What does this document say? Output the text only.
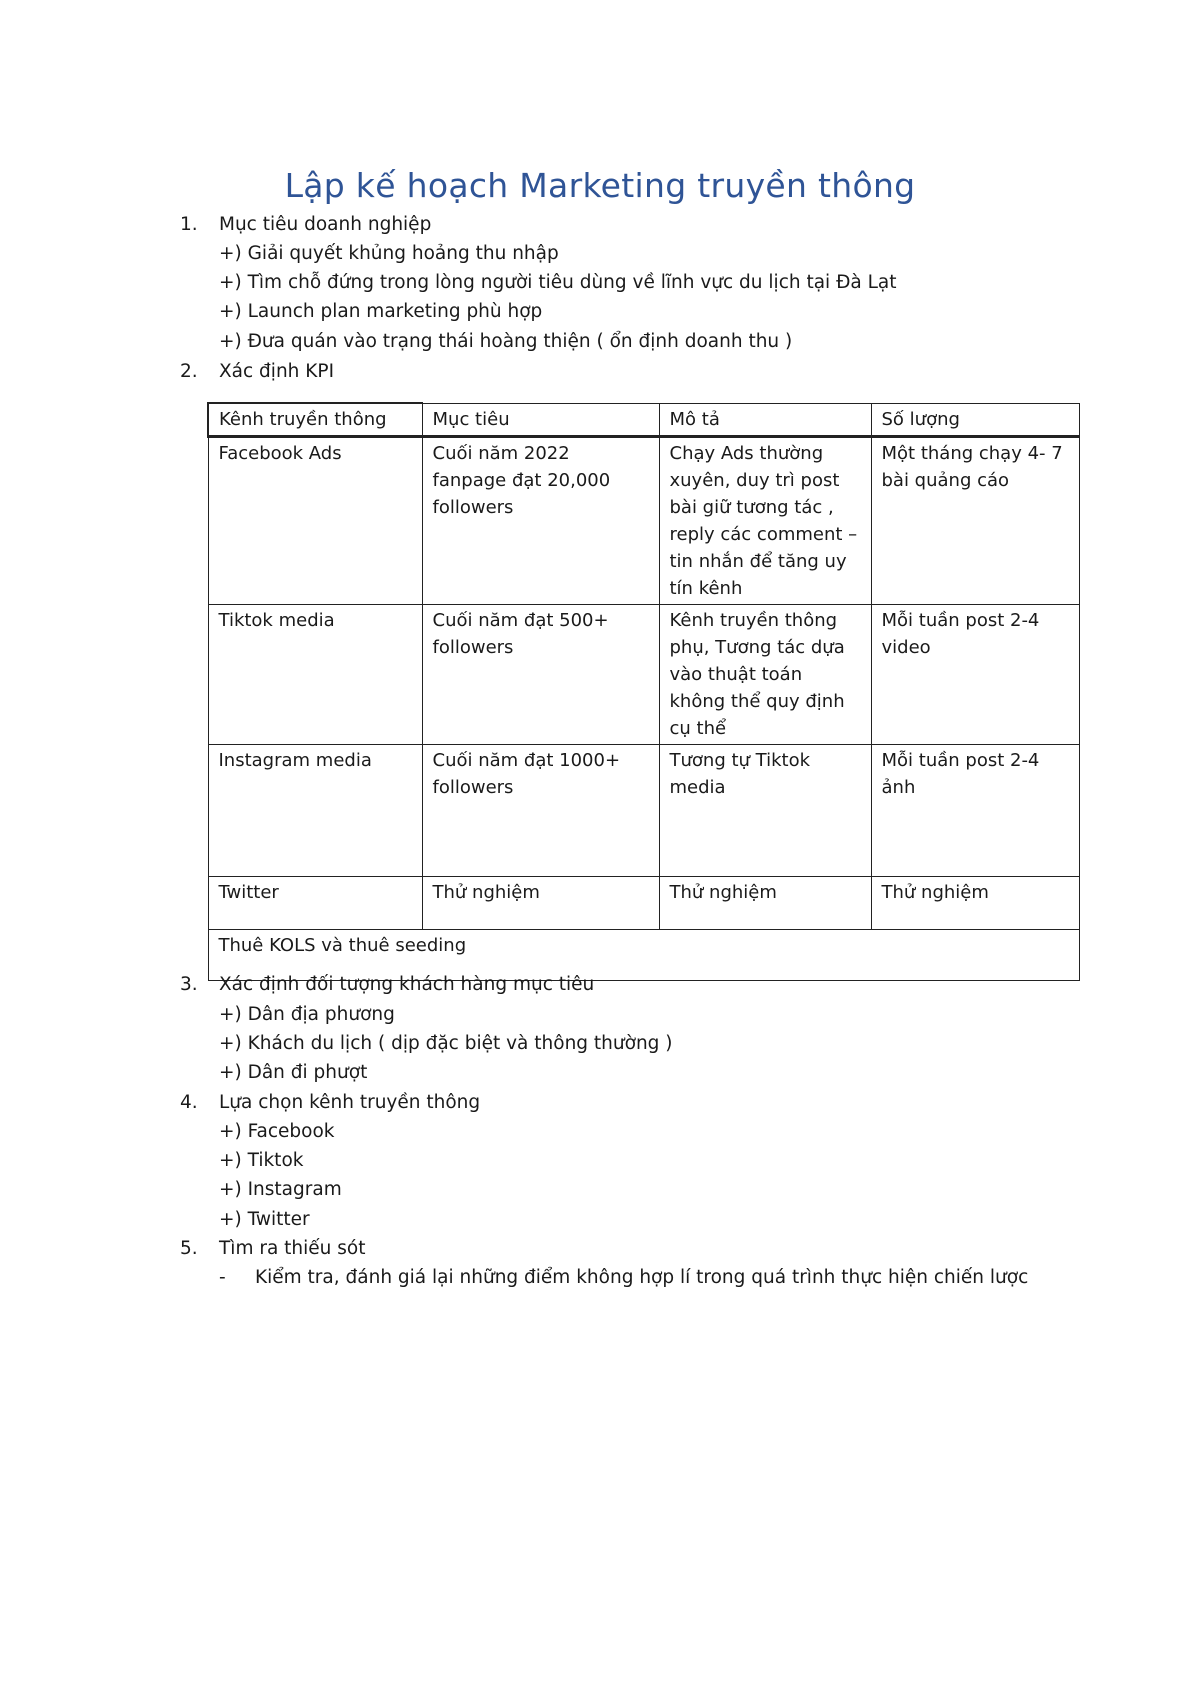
Lập kế hoạch Marketing truyền thông
1.	Mục tiêu doanh nghiệp
+) Giải quyết khủng hoảng thu nhập
+) Tìm chỗ đứng trong lòng người tiêu dùng về lĩnh vực du lịch tại Đà Lạt
+) Launch plan marketing phù hợp
+) Đưa quán vào trạng thái hoàng thiện ( ổn định doanh thu )
2.	Xác định KPI
Kênh truyền thông	Mục tiêu	Mô tả	Số lượng
Facebook Ads	Cuối năm 2022 fanpage đạt 20,000 followers	Chạy Ads thường xuyên, duy trì post bài giữ tương tác , reply các comment – tin nhắn để tăng uy tín kênh	Một tháng chạy 4- 7 bài quảng cáo
Tiktok media	Cuối năm đạt 500+ followers	Kênh truyền thông phụ, Tương tác dựa vào thuật toán không thể quy định cụ thể	Mỗi tuần post 2-4 video
Instagram media	Cuối năm đạt 1000+ followers	Tương tự Tiktok media	Mỗi tuần post 2-4 ảnh
Twitter	Thử nghiệm	Thử nghiệm	Thử nghiệm
Thuê KOLS và thuê seeding			
3.	Xác định đối tượng khách hàng mục tiêu
+) Dân địa phương
+) Khách du lịch ( dịp đặc biệt và thông thường )
+) Dân đi phượt
4.	Lựa chọn kênh truyền thông
+) Facebook
+) Tiktok
+) Instagram
+) Twitter
5.	Tìm ra thiếu sót
- Kiểm tra, đánh giá lại những điểm không hợp lí trong quá trình thực hiện chiến lược
